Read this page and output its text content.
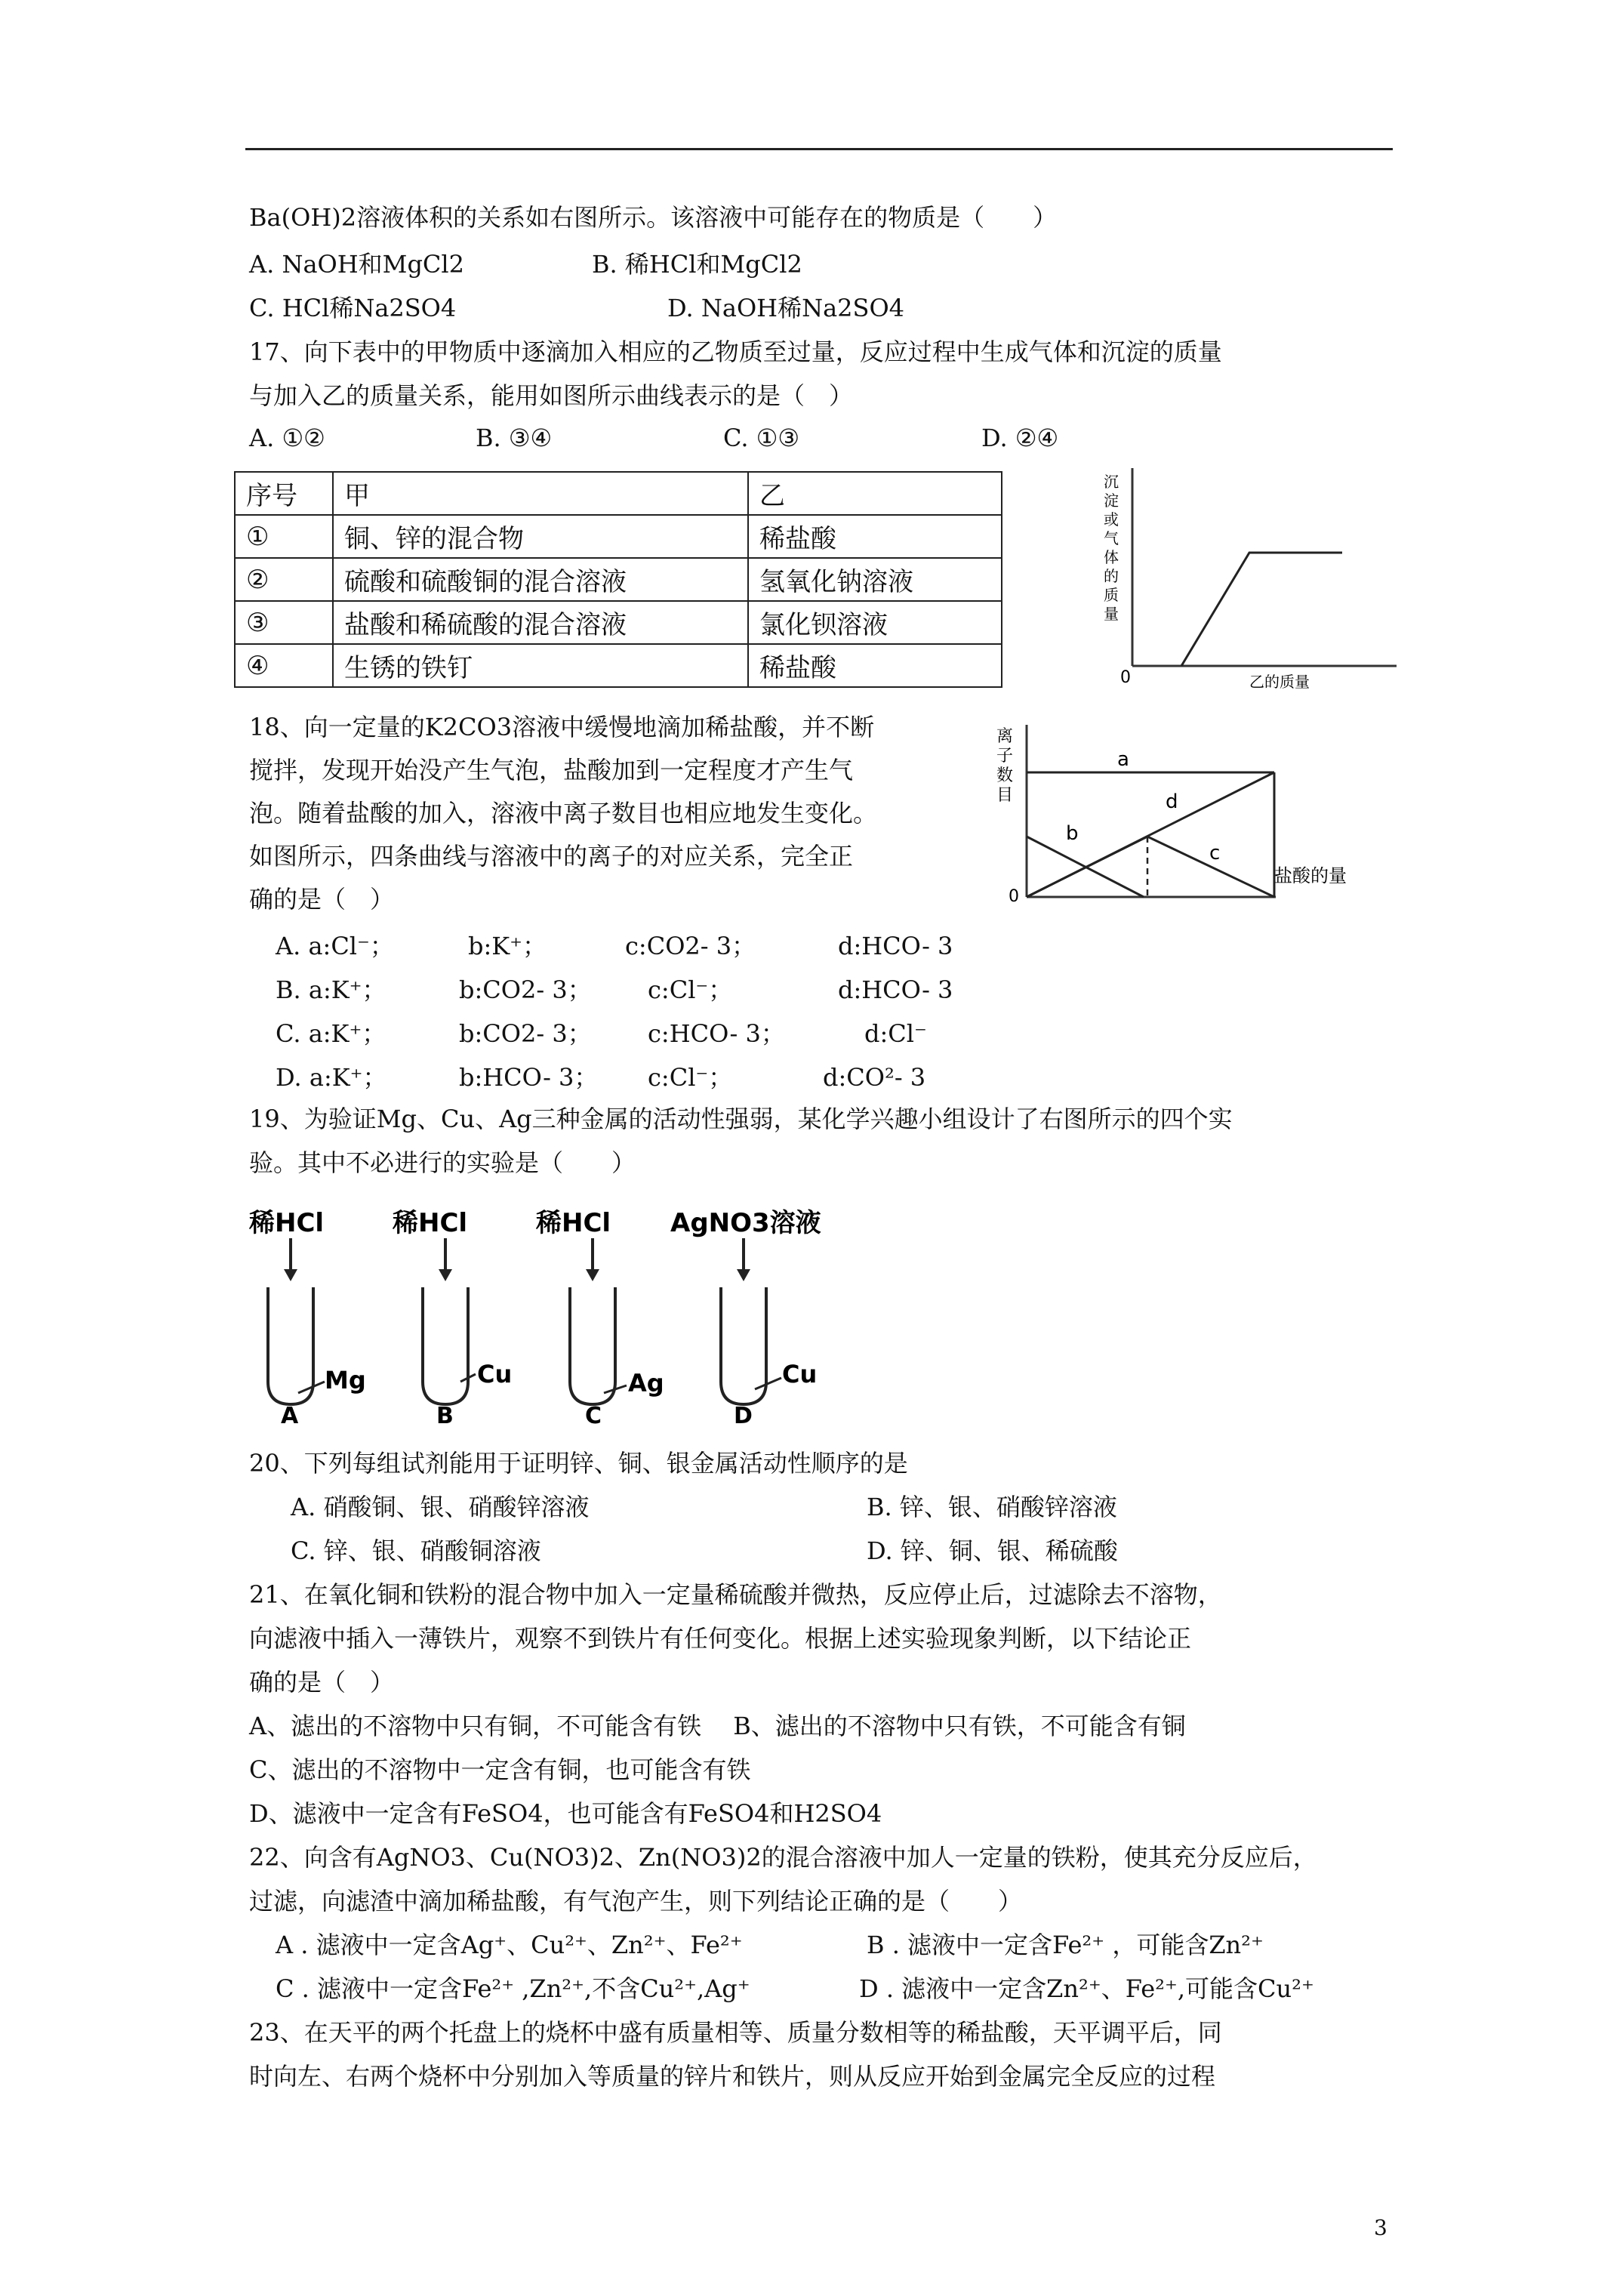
Ba(OH)2溶液体积的关系如右图所示。该溶液中可能存在的物质是（　　）
A. NaOH和MgCl2	B. 稀HCl和MgCl2
C. HCl稀Na2SO4	D. NaOH稀Na2SO4
17、向下表中的甲物质中逐滴加入相应的乙物质至过量，反应过程中生成气体和沉淀的质量
与加入乙的质量关系，能用如图所示曲线表示的是（　）
A. ①②	B. ③④	C. ①③	D. ②④
序号	甲	乙
①	铜、锌的混合物	稀盐酸
②	硫酸和硫酸铜的混合溶液	氢氧化钠溶液
③	盐酸和稀硫酸的混合溶液	氯化钡溶液
④	生锈的铁钉	稀盐酸
沉
淀
或
气
体
的
质
量
0	乙的质量
18、向一定量的K2CO3溶液中缓慢地滴加稀盐酸，并不断
搅拌，发现开始没产生气泡，盐酸加到一定程度才产生气
泡。随着盐酸的加入，溶液中离子数目也相应地发生变化。
如图所示，四条曲线与溶液中的离子的对应关系，完全正
确的是（　）
A. a:Cl⁻；	b:K⁺；	c:CO2- 3；	d:HCO- 3
B. a:K⁺；	b:CO2- 3； c:Cl⁻；	d:HCO- 3
C. a:K⁺；	b:CO2- 3； c:HCO- 3；	d:Cl⁻
D. a:K⁺；	b:HCO- 3； c:Cl⁻；	d:CO²- 3
a
b
c
d
离
子
数
目
0
盐酸的量
19、为验证Mg、Cu、Ag三种金属的活动性强弱，某化学兴趣小组设计了右图所示的四个实
验。其中不必进行的实验是（　　）
稀HCl
Mg
A
稀HCl
Cu
B
稀HCl
Ag
C
AgNO3溶液
Cu
D
20、下列每组试剂能用于证明锌、铜、银金属活动性顺序的是
A. 硝酸铜、银、硝酸锌溶液	B. 锌、银、硝酸锌溶液
C. 锌、银、硝酸铜溶液	D. 锌、铜、银、稀硫酸
21、在氧化铜和铁粉的混合物中加入一定量稀硫酸并微热，反应停止后，过滤除去不溶物，
向滤液中插入一薄铁片，观察不到铁片有任何变化。根据上述实验现象判断，以下结论正
确的是（　）
A、滤出的不溶物中只有铜，不可能含有铁　 B、滤出的不溶物中只有铁，不可能含有铜
C、滤出的不溶物中一定含有铜，也可能含有铁
D、滤液中一定含有FeSO4，也可能含有FeSO4和H2SO4
22、向含有AgNO3、Cu(NO3)2、Zn(NO3)2的混合溶液中加人一定量的铁粉，使其充分反应后，
过滤，向滤渣中滴加稀盐酸，有气泡产生，则下列结论正确的是（　　）
A . 滤液中一定含Ag⁺、Cu²⁺、Zn²⁺、Fe²⁺	B . 滤液中一定含Fe²⁺ ，可能含Zn²⁺
C . 滤液中一定含Fe²⁺ ,Zn²⁺,不含Cu²⁺,Ag⁺	D . 滤液中一定含Zn²⁺、Fe²⁺,可能含Cu²⁺
23、在天平的两个托盘上的烧杯中盛有质量相等、质量分数相等的稀盐酸，天平调平后，同
时向左、右两个烧杯中分别加入等质量的锌片和铁片，则从反应开始到金属完全反应的过程
3
